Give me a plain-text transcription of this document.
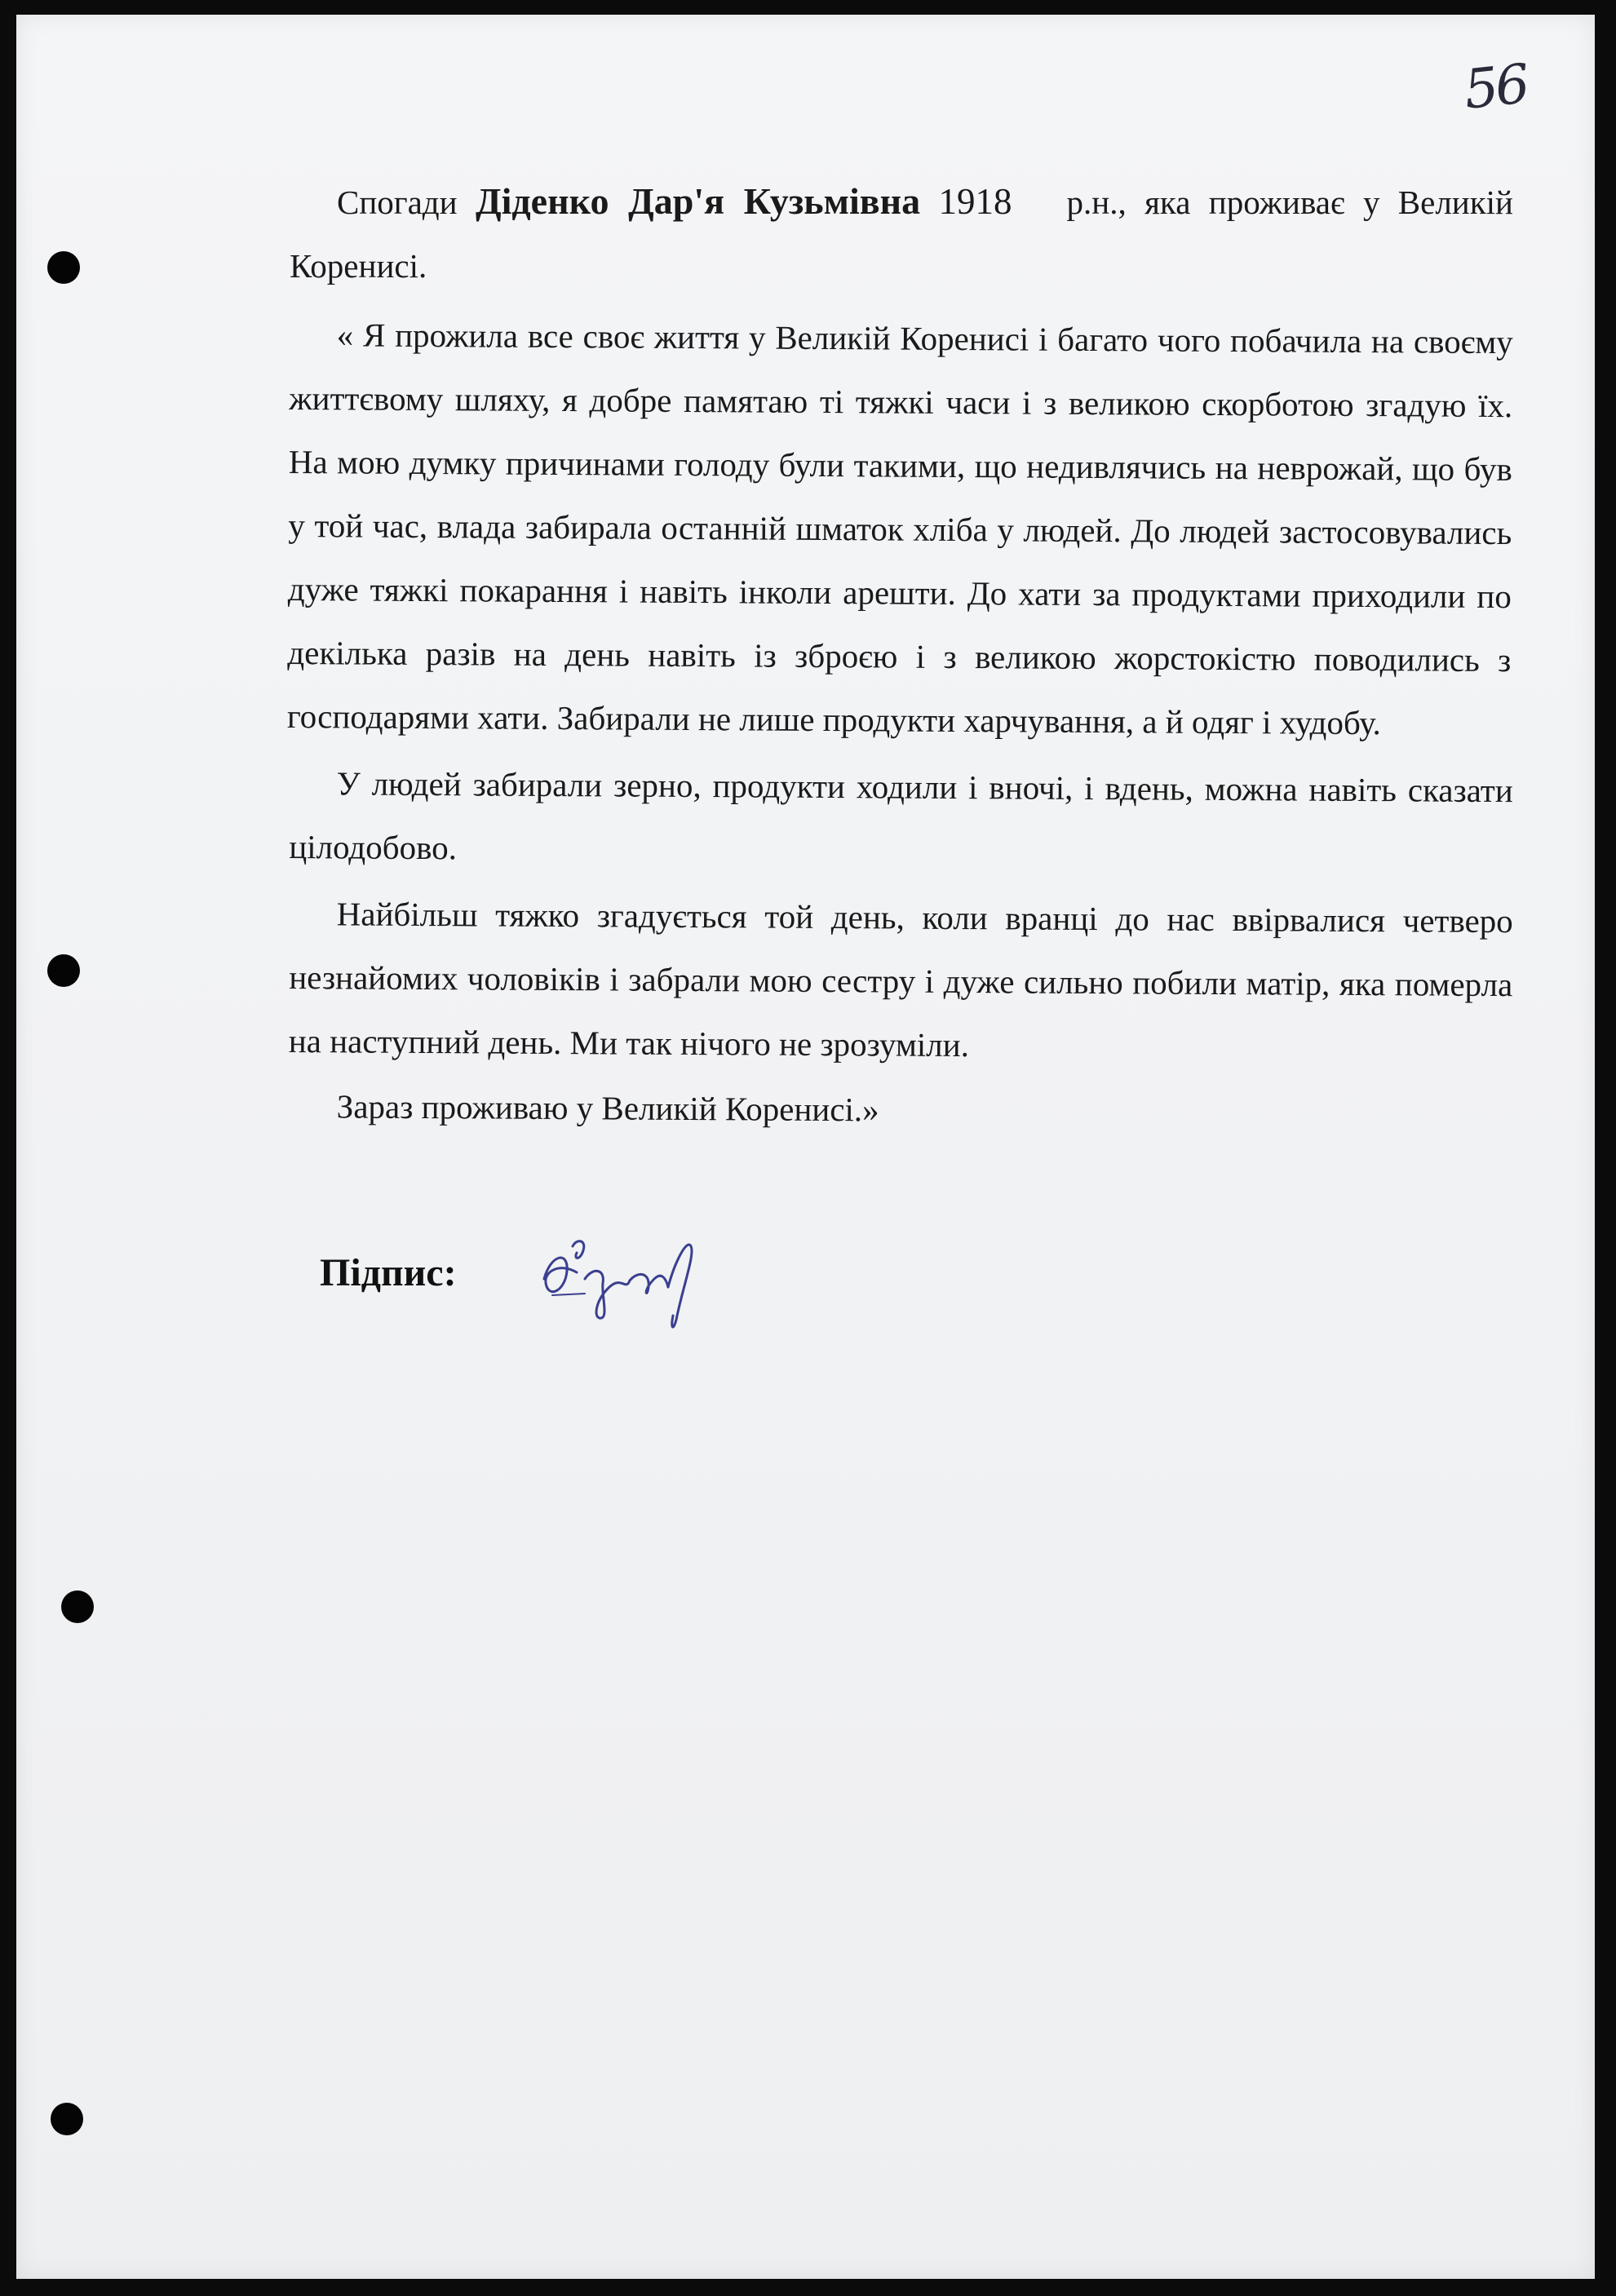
56

Спогади Діденко Дар'я Кузьмівна 1918 р.н., яка проживає у Великій Коренисі.

« Я прожила все своє життя у Великій Коренисі і багато чого побачила на своєму життєвому шляху, я добре памятаю ті тяжкі часи і з великою скорботою згадую їх. На мою думку причинами голоду були такими, що недивлячись на неврожай, що був у той час, влада забирала останній шматок хліба у людей. До людей застосовувались дуже тяжкі покарання і навіть інколи арешти. До хати за продуктами приходили по декілька разів на день навіть із зброєю і з великою жорстокістю поводились з господарями хати. Забирали не лише продукти харчування, а й одяг і худобу.

У людей забирали зерно, продукти ходили і вночі, і вдень, можна навіть сказати цілодобово.

Найбільш тяжко згадується той день, коли вранці до нас ввірвалися четверо незнайомих чоловіків і забрали мою сестру і дуже сильно побили матір, яка померла на наступний день. Ми так нічого не зрозуміли.

Зараз проживаю у Великій Коренисі.»

Підпис:
